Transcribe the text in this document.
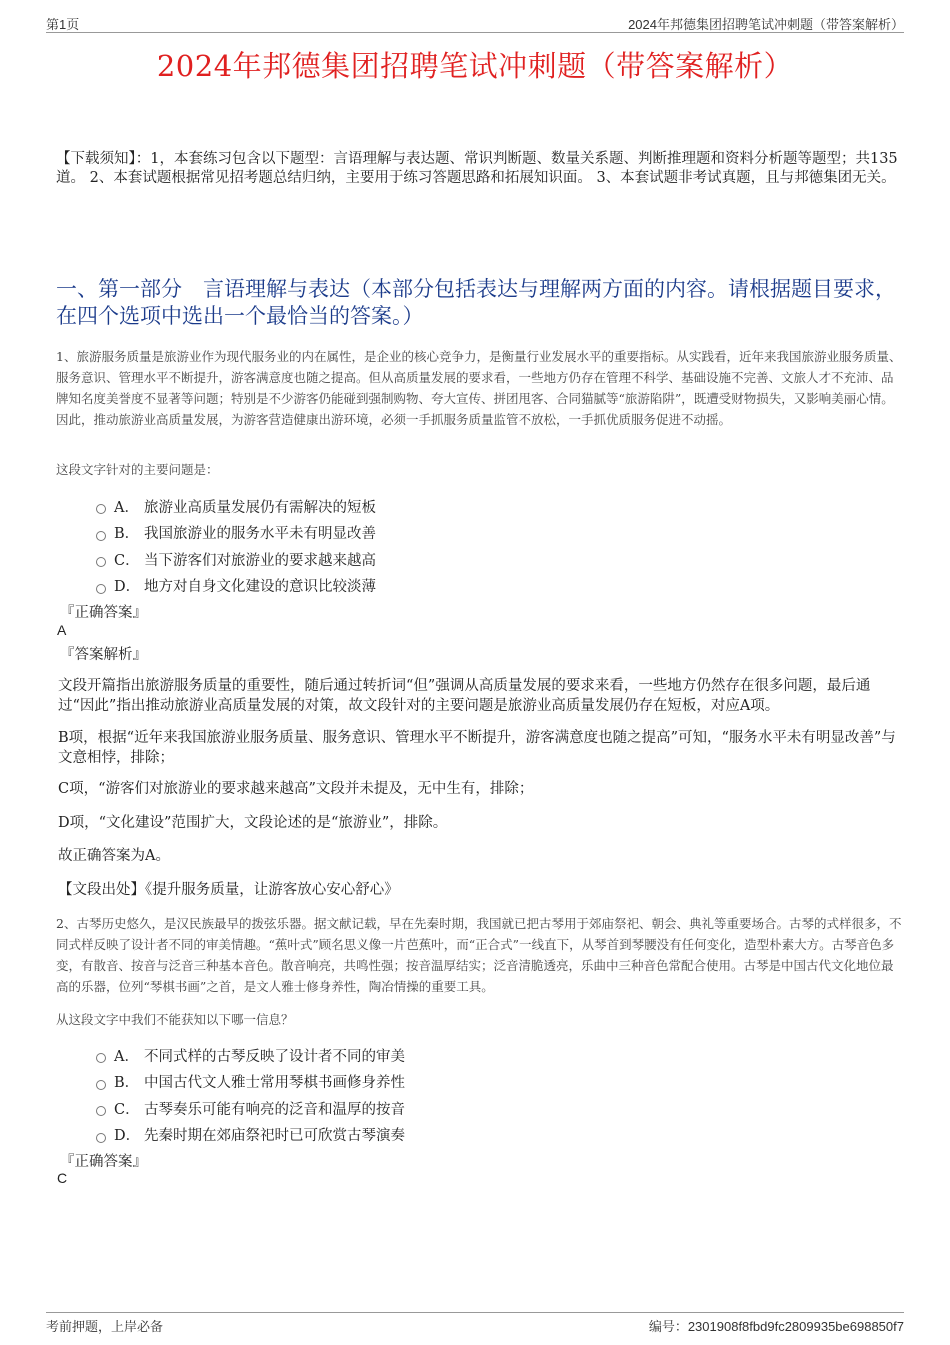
第1页	2024年邦德集团招聘笔试冲刺题（带答案解析）
2024年邦德集团招聘笔试冲刺题（带答案解析）
【下载须知】：1，本套练习包含以下题型：言语理解与表达题、常识判断题、数量关系题、判断推理题和资料分析题等题型；共135道。 2、本套试题根据常见招考题总结归纳，主要用于练习答题思路和拓展知识面。 3、本套试题非考试真题，且与邦德集团无关。
一、第一部分　言语理解与表达（本部分包括表达与理解两方面的内容。请根据题目要求，在四个选项中选出一个最恰当的答案。）
1、旅游服务质量是旅游业作为现代服务业的内在属性，是企业的核心竞争力，是衡量行业发展水平的重要指标。从实践看，近年来我国旅游业服务质量、服务意识、管理水平不断提升，游客满意度也随之提高。但从高质量发展的要求看，一些地方仍存在管理不科学、基础设施不完善、文旅人才不充沛、品牌知名度美誉度不显著等问题；特别是不少游客仍能碰到强制购物、夸大宣传、拼团甩客、合同猫腻等“旅游陷阱”，既遭受财物损失，又影响美丽心情。因此，推动旅游业高质量发展，为游客营造健康出游环境，必须一手抓服务质量监管不放松，一手抓优质服务促进不动摇。
这段文字针对的主要问题是：
A． 旅游业高质量发展仍有需解决的短板
B． 我国旅游业的服务水平未有明显改善
C． 当下游客们对旅游业的要求越来越高
D． 地方对自身文化建设的意识比较淡薄
『正确答案』
A
『答案解析』
文段开篇指出旅游服务质量的重要性，随后通过转折词“但”强调从高质量发展的要求来看，一些地方仍然存在很多问题，最后通过“因此”指出推动旅游业高质量发展的对策，故文段针对的主要问题是旅游业高质量发展仍存在短板，对应A项。
B项，根据“近年来我国旅游业服务质量、服务意识、管理水平不断提升，游客满意度也随之提高”可知，“服务水平未有明显改善”与文意相悖，排除；
C项，“游客们对旅游业的要求越来越高”文段并未提及，无中生有，排除；
D项，“文化建设”范围扩大，文段论述的是“旅游业”，排除。
故正确答案为A。
【文段出处】《提升服务质量，让游客放心安心舒心》
2、古琴历史悠久，是汉民族最早的拨弦乐器。据文献记载，早在先秦时期，我国就已把古琴用于郊庙祭祀、朝会、典礼等重要场合。古琴的式样很多，不同式样反映了设计者不同的审美情趣。“蕉叶式”顾名思义像一片芭蕉叶，而“正合式”一线直下，从琴首到琴腰没有任何变化，造型朴素大方。古琴音色多变，有散音、按音与泛音三种基本音色。散音响亮，共鸣性强；按音温厚结实；泛音清脆透亮，乐曲中三种音色常配合使用。古琴是中国古代文化地位最高的乐器，位列“琴棋书画”之首，是文人雅士修身养性，陶冶情操的重要工具。
从这段文字中我们不能获知以下哪一信息？
A． 不同式样的古琴反映了设计者不同的审美
B． 中国古代文人雅士常用琴棋书画修身养性
C． 古琴奏乐可能有响亮的泛音和温厚的按音
D． 先秦时期在郊庙祭祀时已可欣赏古琴演奏
『正确答案』
C
考前押题，上岸必备	编号：2301908f8fbd9fc2809935be698850f7
